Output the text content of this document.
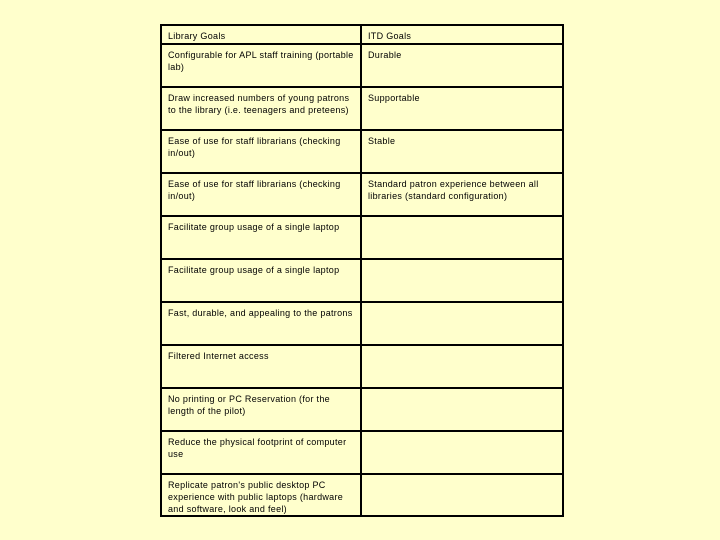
Library Goals	ITD Goals
Configurable for APL staff training (portable lab)	Durable
Draw increased numbers of young patrons to the library (i.e. teenagers and preteens)	Supportable
Ease of use for staff librarians (checking in/out)	Stable
Ease of use for staff librarians (checking in/out)	Standard patron experience between all libraries (standard configuration)
Facilitate group usage of a single laptop	
Facilitate group usage of a single laptop	
Fast, durable, and appealing to the patrons	
Filtered Internet access	
No printing or PC Reservation (for the length of the pilot)	
Reduce the physical footprint of computer use	
Replicate patron's public desktop PC experience with public laptops (hardware and software, look and feel)	
